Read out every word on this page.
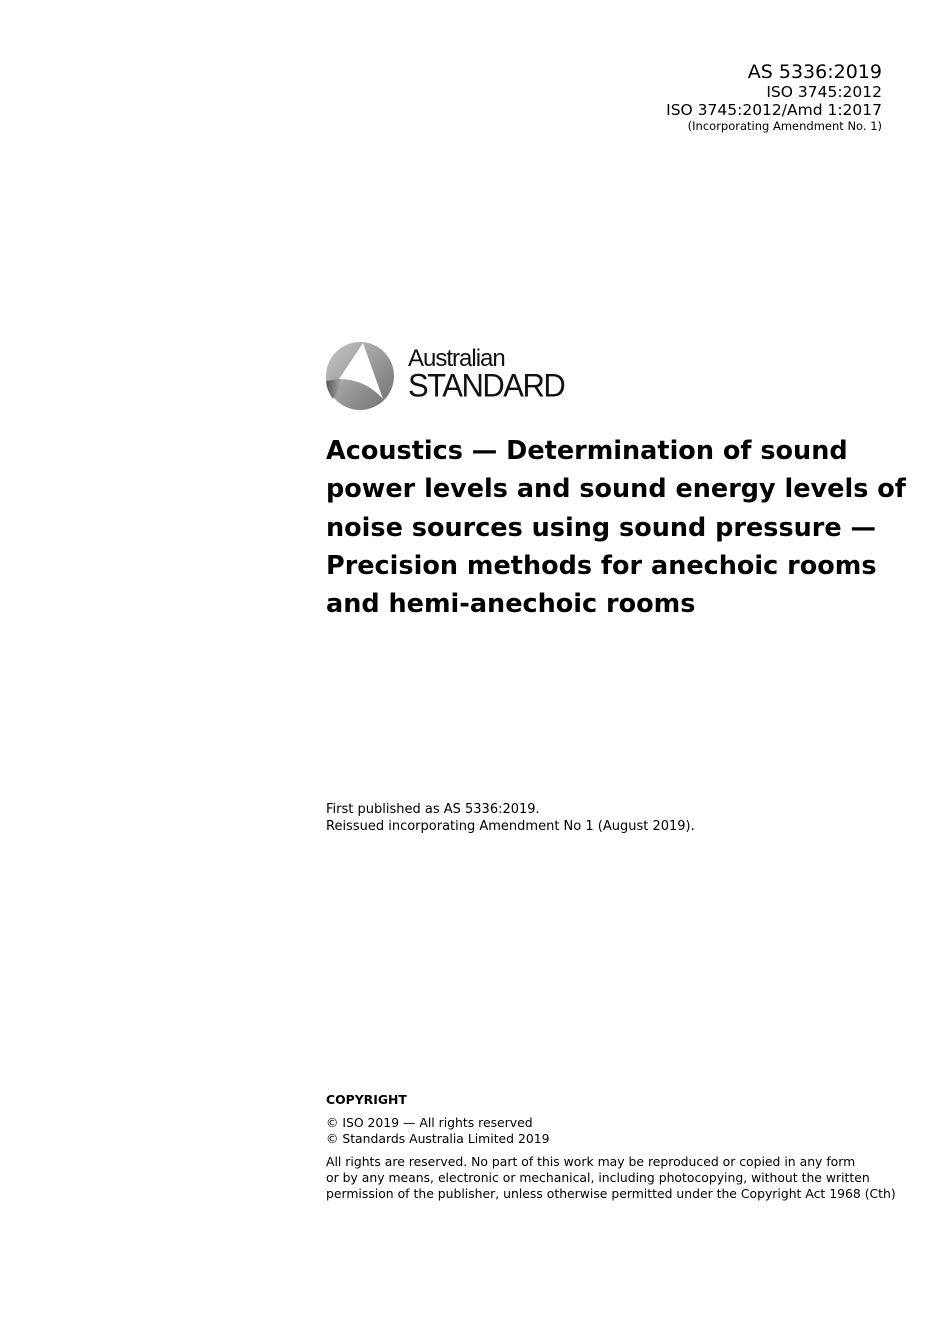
AS 5336:2019
ISO 3745:2012
ISO 3745:2012/Amd 1:2017
(Incorporating Amendment No. 1)
Australian
STANDARD
Acoustics — Determination of sound
power levels and sound energy levels of
noise sources using sound pressure —
Precision methods for anechoic rooms
and hemi-anechoic rooms
First published as AS 5336:2019.
Reissued incorporating Amendment No 1 (August 2019).
COPYRIGHT
© ISO 2019 — All rights reserved
© Standards Australia Limited 2019
All rights are reserved. No part of this work may be reproduced or copied in any form
or by any means, electronic or mechanical, including photocopying, without the written
permission of the publisher, unless otherwise permitted under the Copyright Act 1968 (Cth)
